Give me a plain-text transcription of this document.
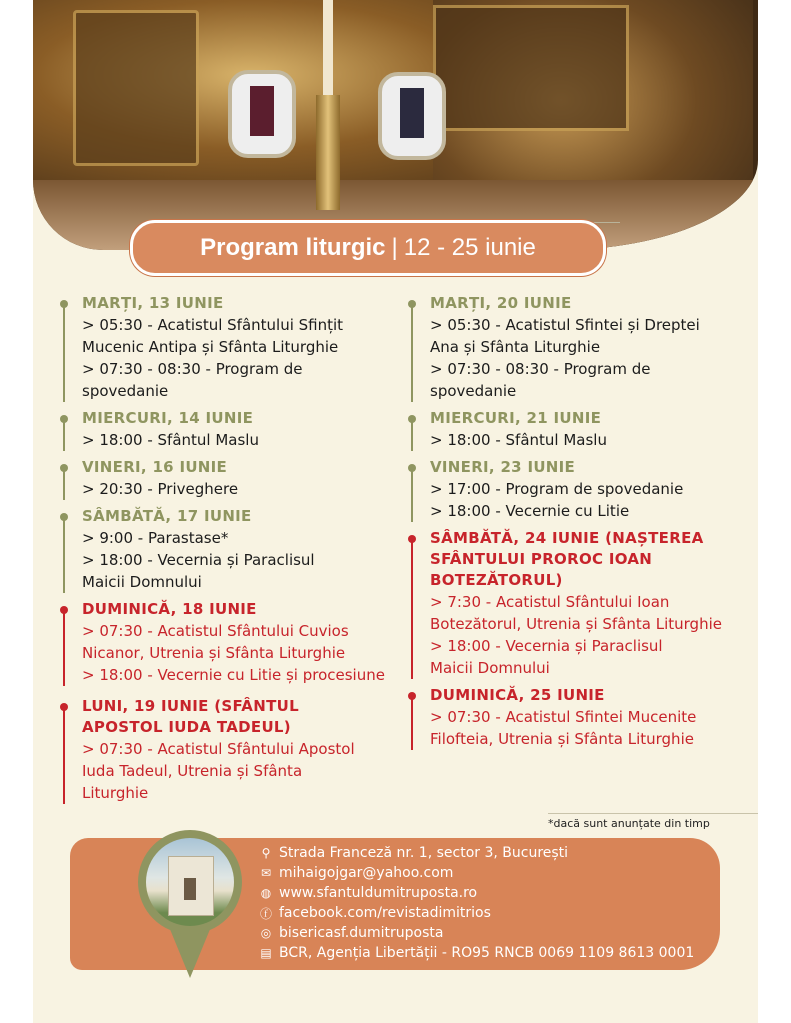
Program liturgic | 12 - 25 iunie
MARȚI, 13 IUNIE
> 05:30 - Acatistul Sfântului Sfințit
Mucenic Antipa și Sfânta Liturghie
> 07:30 - 08:30 - Program de
spovedanie
MIERCURI, 14 IUNIE
> 18:00 - Sfântul Maslu
VINERI, 16 IUNIE
> 20:30 - Priveghere
SÂMBĂTĂ, 17 IUNIE
> 9:00 - Parastase*
> 18:00 - Vecernia și Paraclisul
Maicii Domnului
DUMINICĂ, 18 IUNIE
> 07:30 - Acatistul Sfântului Cuvios
Nicanor, Utrenia și Sfânta Liturghie
> 18:00 - Vecernie cu Litie și procesiune
LUNI, 19 IUNIE (SFÂNTUL
APOSTOL IUDA TADEUL)
> 07:30 - Acatistul Sfântului Apostol
Iuda Tadeul, Utrenia și Sfânta
Liturghie
MARȚI, 20 IUNIE
> 05:30 - Acatistul Sfintei și Dreptei
Ana și Sfânta Liturghie
> 07:30 - 08:30 - Program de
spovedanie
MIERCURI, 21 IUNIE
> 18:00 - Sfântul Maslu
VINERI, 23 IUNIE
> 17:00 - Program de spovedanie
> 18:00 - Vecernie cu Litie
SÂMBĂTĂ, 24 IUNIE (NAȘTEREA
SFÂNTULUI PROROC IOAN
BOTEZĂTORUL)
> 7:30 - Acatistul Sfântului Ioan
Botezătorul, Utrenia și Sfânta Liturghie
> 18:00 - Vecernia și Paraclisul
Maicii Domnului
DUMINICĂ, 25 IUNIE
> 07:30 - Acatistul Sfintei Mucenite
Filofteia, Utrenia și Sfânta Liturghie
*dacă sunt anunțate din timp
⚲ Strada Franceză nr. 1, sector 3, București
✉ mihaigojgar@yahoo.com
◍ www.sfantuldumitruposta.ro
ⓕ facebook.com/revistadimitrios
◎ bisericasf.dumitruposta
▤ BCR, Agenția Libertății - RO95 RNCB 0069 1109 8613 0001
